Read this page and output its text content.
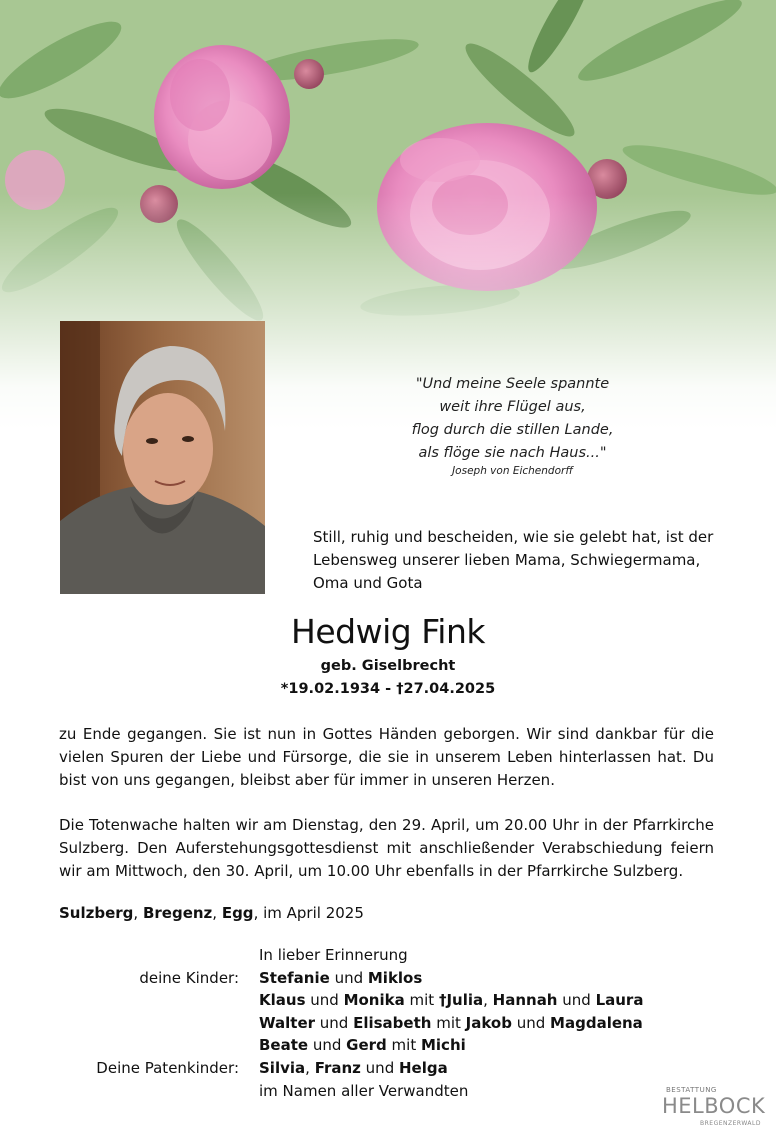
"Und meine Seele spannte
weit ihre Flügel aus,
flog durch die stillen Lande,
als flöge sie nach Haus..."
Joseph von Eichendorff
Still, ruhig und bescheiden, wie sie gelebt hat, ist der Lebensweg unserer lieben Mama, Schwiegermama, Oma und Gota
Hedwig Fink
geb. Giselbrecht
*19.02.1934 - †27.04.2025
zu Ende gegangen. Sie ist nun in Gottes Händen geborgen. Wir sind dankbar für die vielen Spuren der Liebe und Fürsorge, die sie in unserem Leben hinterlassen hat. Du bist von uns gegangen, bleibst aber für immer in unseren Herzen.
Die Totenwache halten wir am Dienstag, den 29. April, um 20.00 Uhr in der Pfarrkirche Sulzberg. Den Auferstehungsgottesdienst mit anschließender Verabschiedung feiern wir am Mittwoch, den 30. April, um 10.00 Uhr ebenfalls in der Pfarrkirche Sulzberg.
Sulzberg, Bregenz, Egg, im April 2025
In lieber Erinnerung
deine Kinder: Stefanie und Miklos
Klaus und Monika mit †Julia, Hannah und Laura
Walter und Elisabeth mit Jakob und Magdalena
Beate und Gerd mit Michi
Deine Patenkinder: Silvia, Franz und Helga
im Namen aller Verwandten	BESTATTUNG
HELBOCK
BREGENZERWALD
